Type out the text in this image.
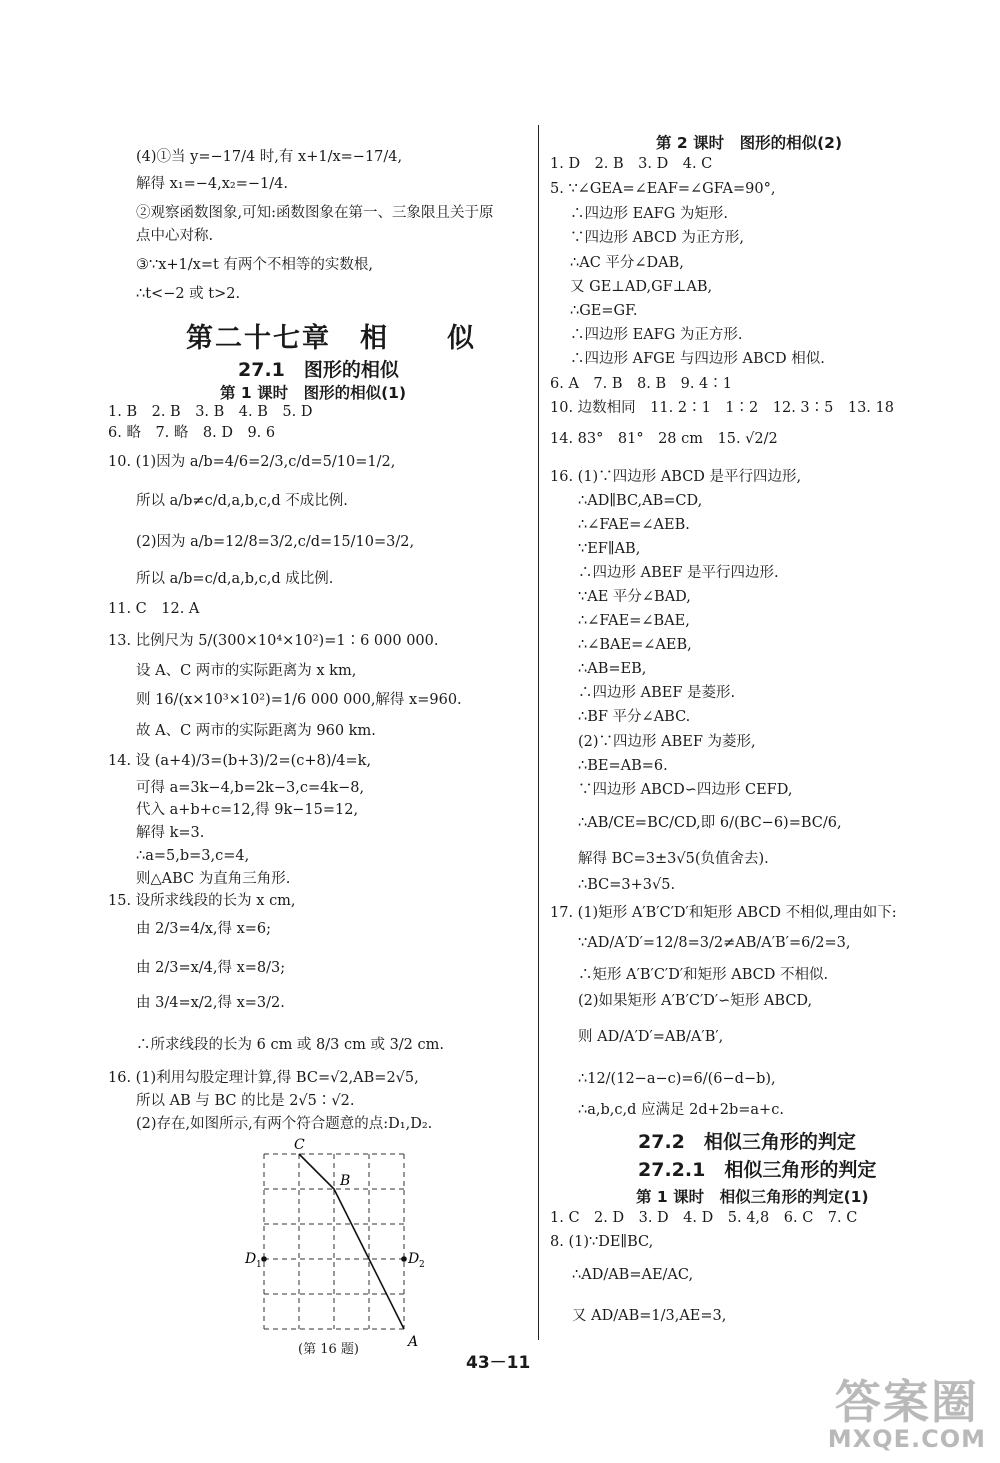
(4)①当 y=−17/4 时,有 x+1/x=−17/4,
解得 x₁=−4,x₂=−1/4.
②观察函数图象,可知:函数图象在第一、三象限且关于原
点中心对称.
③∵x+1/x=t 有两个不相等的实数根,
∴t<−2 或 t>2.
第二十七章　相　　似
27.1　图形的相似
第 1 课时　图形的相似(1)
1. B　2. B　3. B　4. B　5. D
6. 略　7. 略　8. D　9. 6
10. (1)因为 a/b=4/6=2/3,c/d=5/10=1/2,
所以 a/b≠c/d,a,b,c,d 不成比例.
(2)因为 a/b=12/8=3/2,c/d=15/10=3/2,
所以 a/b=c/d,a,b,c,d 成比例.
11. C　12. A
13. 比例尺为 5/(300×10⁴×10²)=1∶6 000 000.
设 A、C 两市的实际距离为 x km,
则 16/(x×10³×10²)=1/6 000 000,解得 x=960.
故 A、C 两市的实际距离为 960 km.
14. 设 (a+4)/3=(b+3)/2=(c+8)/4=k,
可得 a=3k−4,b=2k−3,c=4k−8,
代入 a+b+c=12,得 9k−15=12,
解得 k=3.
∴a=5,b=3,c=4,
则△ABC 为直角三角形.
15. 设所求线段的长为 x cm,
由 2/3=4/x,得 x=6;
由 2/3=x/4,得 x=8/3;
由 3/4=x/2,得 x=3/2.
∴所求线段的长为 6 cm 或 8/3 cm 或 3/2 cm.
16. (1)利用勾股定理计算,得 BC=√2,AB=2√5,
所以 AB 与 BC 的比是 2√5∶√2.
(2)存在,如图所示,有两个符合题意的点:D₁,D₂.
C
B
D 1	D 2
A
(第 16 题)
第 2 课时　图形的相似(2)
1. D　2. B　3. D　4. C
5. ∵∠GEA=∠EAF=∠GFA=90°,
∴四边形 EAFG 为矩形.
∵四边形 ABCD 为正方形,
∴AC 平分∠DAB,
又 GE⊥AD,GF⊥AB,
∴GE=GF.
∴四边形 EAFG 为正方形.
∴四边形 AFGE 与四边形 ABCD 相似.
6. A　7. B　8. B　9. 4∶1
10. 边数相同　11. 2∶1　1∶2　12. 3∶5　13. 18
14. 83°　81°　28 cm　15. √2/2
16. (1)∵四边形 ABCD 是平行四边形,
∴AD∥BC,AB=CD,
∴∠FAE=∠AEB.
∵EF∥AB,
∴四边形 ABEF 是平行四边形.
∵AE 平分∠BAD,
∴∠FAE=∠BAE,
∴∠BAE=∠AEB,
∴AB=EB,
∴四边形 ABEF 是菱形.
∴BF 平分∠ABC.
(2)∵四边形 ABEF 为菱形,
∴BE=AB=6.
∵四边形 ABCD∽四边形 CEFD,
∴AB/CE=BC/CD,即 6/(BC−6)=BC/6,
解得 BC=3±3√5(负值舍去).
∴BC=3+3√5.
17. (1)矩形 A′B′C′D′和矩形 ABCD 不相似,理由如下:
∵AD/A′D′=12/8=3/2≠AB/A′B′=6/2=3,
∴矩形 A′B′C′D′和矩形 ABCD 不相似.
(2)如果矩形 A′B′C′D′∽矩形 ABCD,
则 AD/A′D′=AB/A′B′,
∴12/(12−a−c)=6/(6−d−b),
∴a,b,c,d 应满足 2d+2b=a+c.
27.2　相似三角形的判定
27.2.1　相似三角形的判定
第 1 课时　相似三角形的判定(1)
1. C　2. D　3. D　4. D　5. 4,8　6. C　7. C
8. (1)∵DE∥BC,
∴AD/AB=AE/AC,
又 AD/AB=1/3,AE=3,
43－11
答案圈
MXQE.COM
